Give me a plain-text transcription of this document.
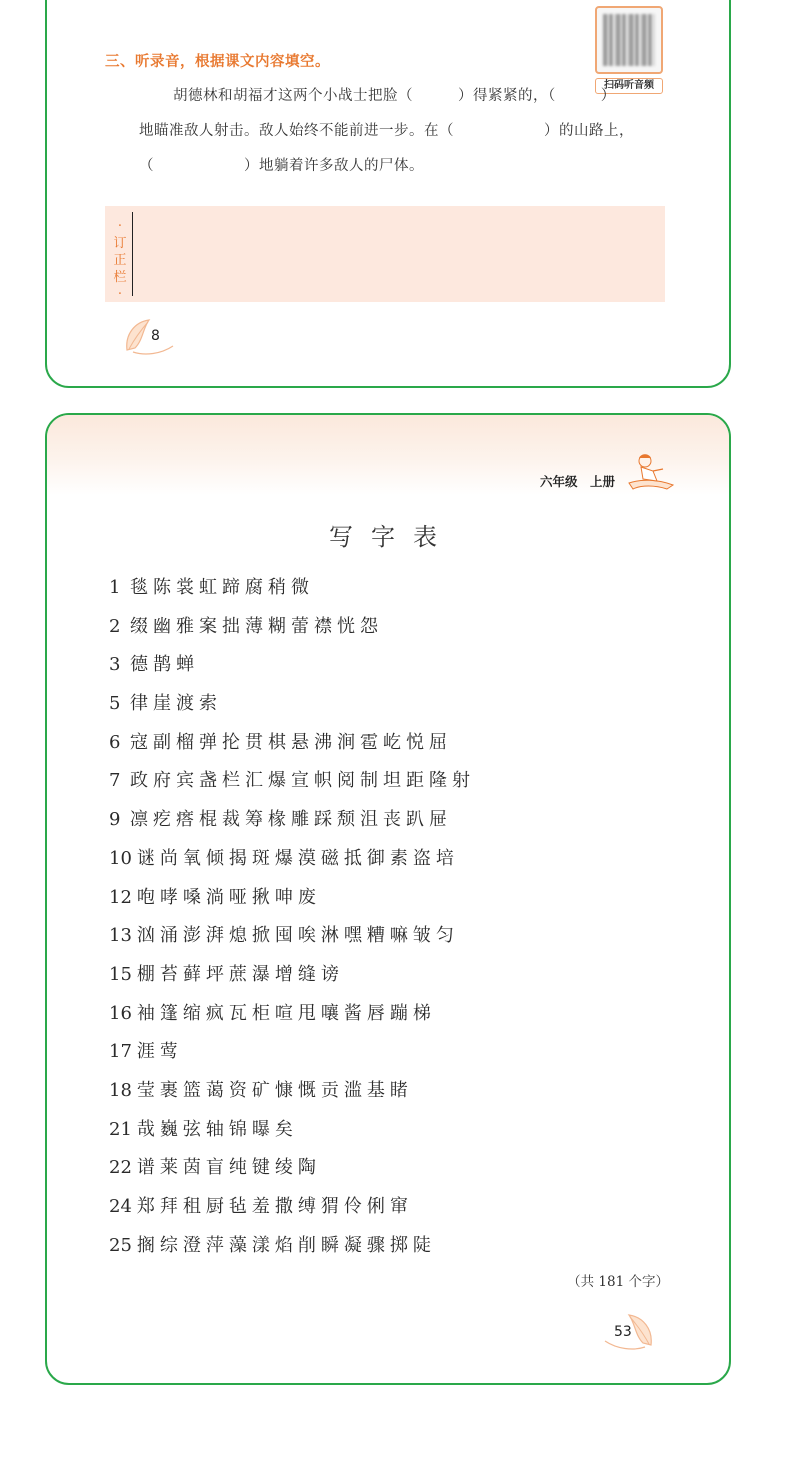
三、听录音，根据课文内容填空。
扫码听音频
胡德林和胡福才这两个小战士把脸（　　　）得紧紧的，（　　　）
地瞄准敌人射击。敌人始终不能前进一步。在（　　　　　　）的山路上，
（　　　　　　）地躺着许多敌人的尸体。
·订正栏·
8
六年级　上册
写字表
1 毯陈裳虹蹄腐稍微
2 缀幽雅案拙薄糊蕾襟恍怨
3 德鹊蝉
5 律崖渡索
6 寇副榴弹抡贯棋悬沸涧雹屹悦屈
7 政府宾盏栏汇爆宣帜阅制坦距隆射
9 凛疙瘩棍裁筹椽雕踩颓沮丧趴屉
10 谜尚氧倾揭斑爆漠磁抵御素盗培
12 咆哮嗓淌哑揪呻废
13 汹涌澎湃熄掀囤唉淋嘿糟嘛皱匀
15 棚苔藓坪蔗瀑增缝谤
16 袖篷缩疯瓦柜喧甩嚷酱唇蹦梯
17 涯莺
18 莹裹篮蔼资矿慷慨贡滥基睹
21 哉巍弦轴锦曝矣
22 谱莱茵盲纯键绫陶
24 郑拜租厨毡羞撒缚猬伶俐窜
25 搁综澄萍藻漾焰削瞬凝骤掷陡
（共 181 个字）
53
